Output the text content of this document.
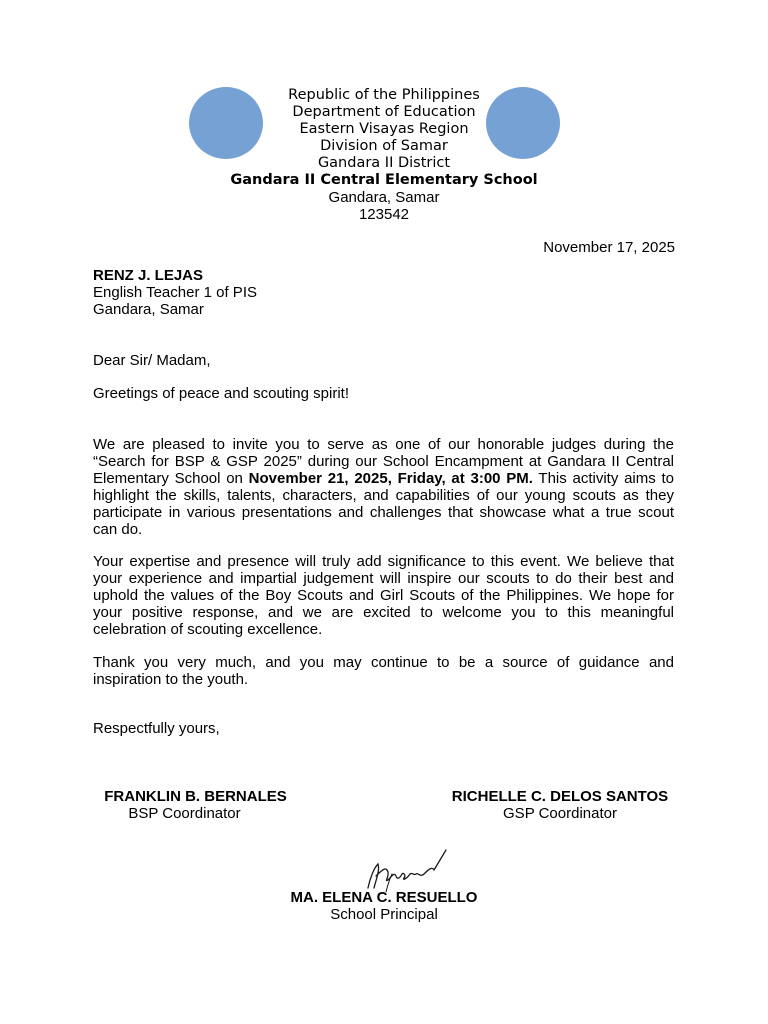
Republic of the Philippines
Department of Education
Eastern Visayas Region
Division of Samar
Gandara II District
Gandara II Central Elementary School
Gandara, Samar
123542
November 17, 2025
RENZ J. LEJAS
English Teacher 1 of PIS
Gandara, Samar
Dear Sir/ Madam,
Greetings of peace and scouting spirit!
We are pleased to invite you to serve as one of our honorable judges during the “Search for BSP & GSP 2025” during our School Encampment at Gandara II Central Elementary School on November 21, 2025, Friday, at 3:00 PM. This activity aims to highlight the skills, talents, characters, and capabilities of our young scouts as they participate in various presentations and challenges that showcase what a true scout can do.
Your expertise and presence will truly add significance to this event. We believe that your experience and impartial judgement will inspire our scouts to do their best and uphold the values of the Boy Scouts and Girl Scouts of the Philippines. We hope for your positive response, and we are excited to welcome you to this meaningful celebration of scouting excellence.
Thank you very much, and you may continue to be a source of guidance and inspiration to the youth.
Respectfully yours,
FRANKLIN B. BERNALES
BSP Coordinator
RICHELLE C. DELOS SANTOS
GSP Coordinator
MA. ELENA C. RESUELLO
School Principal
